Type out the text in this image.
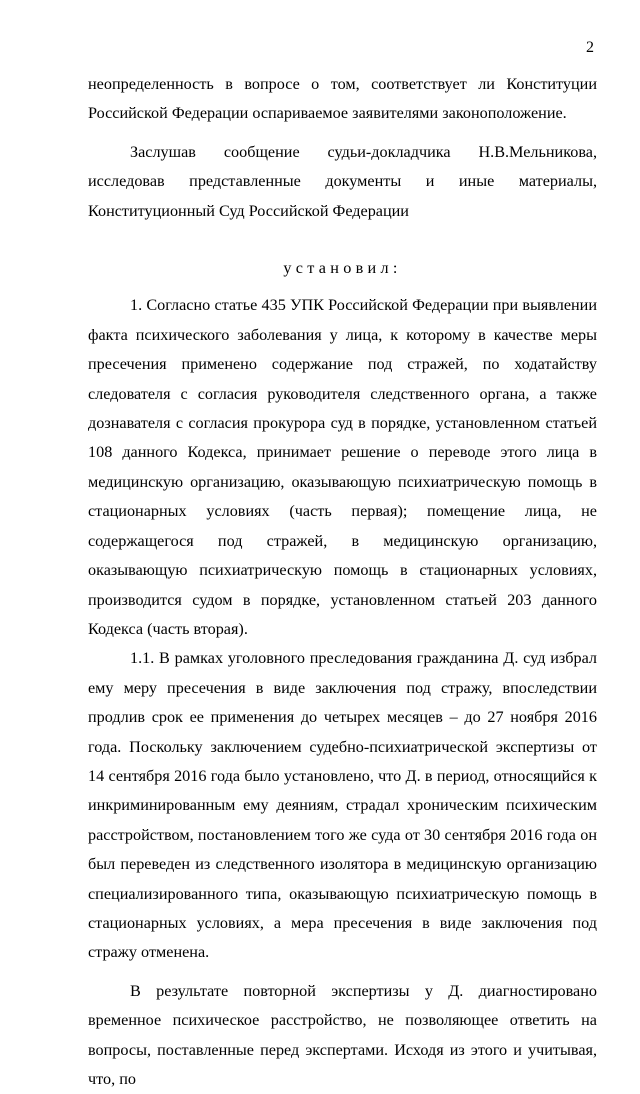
2

неопределенность в вопросе о том, соответствует ли Конституции Российской Федерации оспариваемое заявителями законоположение.

Заслушав сообщение судьи-докладчика Н.В.Мельникова, исследовав представленные документы и иные материалы, Конституционный Суд Российской Федерации

установил:

1. Согласно статье 435 УПК Российской Федерации при выявлении факта психического заболевания у лица, к которому в качестве меры пресечения применено содержание под стражей, по ходатайству следователя с согласия руководителя следственного органа, а также дознавателя с согласия прокурора суд в порядке, установленном статьей 108 данного Кодекса, принимает решение о переводе этого лица в медицинскую организацию, оказывающую психиатрическую помощь в стационарных условиях (часть первая); помещение лица, не содержащегося под стражей, в медицинскую организацию, оказывающую психиатрическую помощь в стационарных условиях, производится судом в порядке, установленном статьей 203 данного Кодекса (часть вторая).

1.1. В рамках уголовного преследования гражданина Д. суд избрал ему меру пресечения в виде заключения под стражу, впоследствии продлив срок ее применения до четырех месяцев – до 27 ноября 2016 года. Поскольку заключением судебно-психиатрической экспертизы от 14 сентября 2016 года было установлено, что Д. в период, относящийся к инкриминированным ему деяниям, страдал хроническим психическим расстройством, постановлением того же суда от 30 сентября 2016 года он был переведен из следственного изолятора в медицинскую организацию специализированного типа, оказывающую психиатрическую помощь в стационарных условиях, а мера пресечения в виде заключения под стражу отменена.

В результате повторной экспертизы у Д. диагностировано временное психическое расстройство, не позволяющее ответить на вопросы, поставленные перед экспертами. Исходя из этого и учитывая, что, по
